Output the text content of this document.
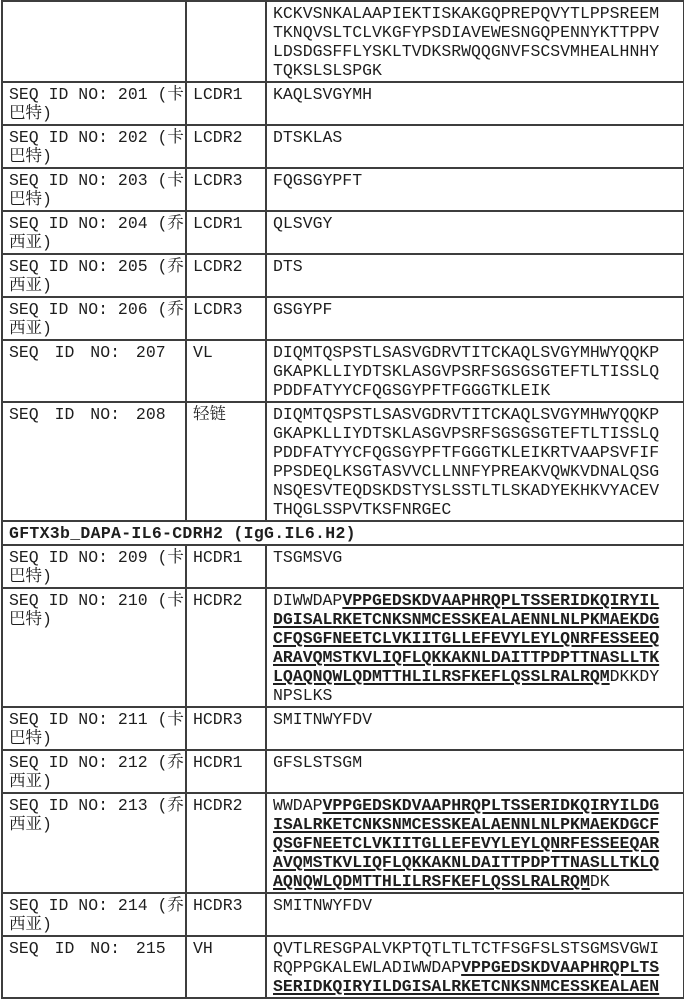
		KCKVSNKALAAPIEKTISKAKGQPREPQVYTLPPSREEMTKNQVSLTCLVKGFYPSDIAVEWESNGQPENNYKTTPPVLDSDGSFFLYSKLTVDKSRWQQGNVFSCSVMHEALHNHYTQKSLSLSPGK

SEQ ID NO: 201 (卡巴特)	LCDR1	KAQLSVGYMH

SEQ ID NO: 202 (卡巴特)	LCDR2	DTSKLAS

SEQ ID NO: 203 (卡巴特)	LCDR3	FQGSGYPFT

SEQ ID NO: 204 (乔西亚)	LCDR1	QLSVGY

SEQ ID NO: 205 (乔西亚)	LCDR2	DTS

SEQ ID NO: 206 (乔西亚)	LCDR3	GSGYPF

SEQ ID NO: 207	VL	DIQMTQSPSTLSASVGDRVTITCKAQLSVGYMHWYQQKPGKAPKLLIYDTSKLASGVPSRFSGSGSGTEFTLTISSLQPDDFATYYCFQGSGYPFTFGGGTKLEIK

SEQ ID NO: 208	轻链	DIQMTQSPSTLSASVGDRVTITCKAQLSVGYMHWYQQKPGKAPKLLIYDTSKLASGVPSRFSGSGSGTEFTLTISSLQPDDFATYYCFQGSGYPFTFGGGTKLEIKRTVAAPSVFIFPPSDEQLKSGTASVVCLLNNFYPREAKVQWKVDNALQSGNSQESVTEQDSKDSTYSLSSTLTLSKADYEKHKVYACEVTHQGLSSPVTKSFNRGEC

GFTX3b_DAPA-IL6-CDRH2 (IgG.IL6.H2)		

SEQ ID NO: 209 (卡巴特)	HCDR1	TSGMSVG

SEQ ID NO: 210 (卡巴特)	HCDR2	DIWWDAPVPPGEDSKDVAAPHRQPLTSSERIDKQIRYILDGISALRKETCNKSNMCESSKEALAENNLNLPKMAEKDGCFQSGFNEETCLVKIITGLLEFEVYLEYLQNRFESSEEQARAVQMSTKVLIQFLQKKAKNLDAITTPDPTTNASLLTKLQAQNQWLQDMTTHLILRSFKEFLQSSLRALRQMDKKDYNPSLKS

SEQ ID NO: 211 (卡巴特)	HCDR3	SMITNWYFDV

SEQ ID NO: 212 (乔西亚)	HCDR1	GFSLSTSGM

SEQ ID NO: 213 (乔西亚)	HCDR2	WWDAPVPPGEDSKDVAAPHRQPLTSSERIDKQIRYILDGISALRKETCNKSNMCESSKEALAENNLNLPKMAEKDGCFQSGFNEETCLVKIITGLLEFEVYLEYLQNRFESSEEQARAVQMSTKVLIQFLQKKAKNLDAITTPDPTTNASLLTKLQAQNQWLQDMTTHLILRSFKEFLQSSLRALRQMDK

SEQ ID NO: 214 (乔西亚)	HCDR3	SMITNWYFDV

SEQ ID NO: 215	VH	QVTLRESGPALVKPTQTLTLTCTFSGFSLSTSGMSVGWIRQPPGKALEWLADIWWDAPVPPGEDSKDVAAPHRQPLTSSERIDKQIRYILDGISALRKETCNKSNMCESSKEALAEN
